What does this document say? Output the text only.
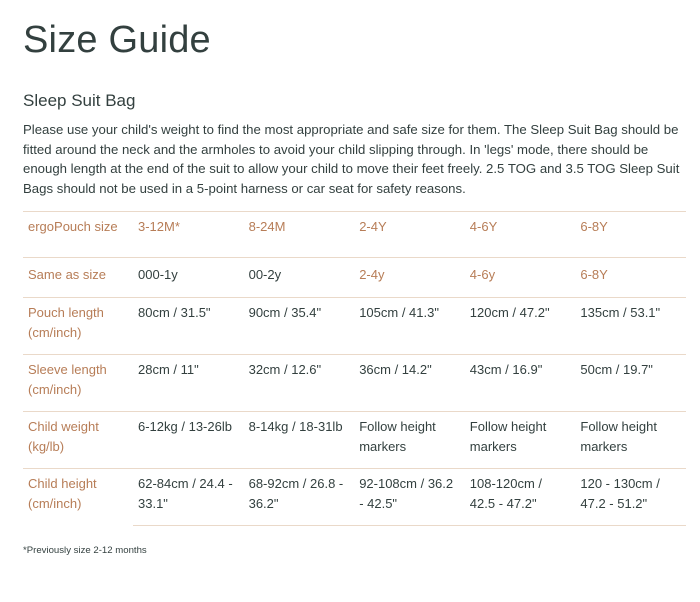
Size Guide
Sleep Suit Bag

Please use your child's weight to find the most appropriate and safe size for them. The Sleep Suit Bag should be fitted around the neck and the armholes to avoid your child slipping through. In 'legs' mode, there should be enough length at the end of the suit to allow your child to move their feet freely. 2.5 TOG and 3.5 TOG Sleep Suit Bags should not be used in a 5-point harness or car seat for safety reasons.

ergoPouch size	3-12M*	8-24M	2-4Y	4-6Y	6-8Y
Same as size	000-1y	00-2y	2-4y	4-6y	6-8Y
Pouch length (cm/inch)	80cm / 31.5"	90cm / 35.4"	105cm / 41.3"	120cm / 47.2"	135cm / 53.1"
Sleeve length (cm/inch)	28cm / 11"	32cm / 12.6"	36cm / 14.2"	43cm / 16.9"	50cm / 19.7"
Child weight (kg/lb)	6-12kg / 13-26lb	8-14kg / 18-31lb	Follow height markers	Follow height markers	Follow height markers
Child height (cm/inch)	62-84cm / 24.4 - 33.1"	68-92cm / 26.8 - 36.2"	92-108cm / 36.2 - 42.5"	108-120cm / 42.5 - 47.2"	120 - 130cm / 47.2 - 51.2"

*Previously size 2-12 months
